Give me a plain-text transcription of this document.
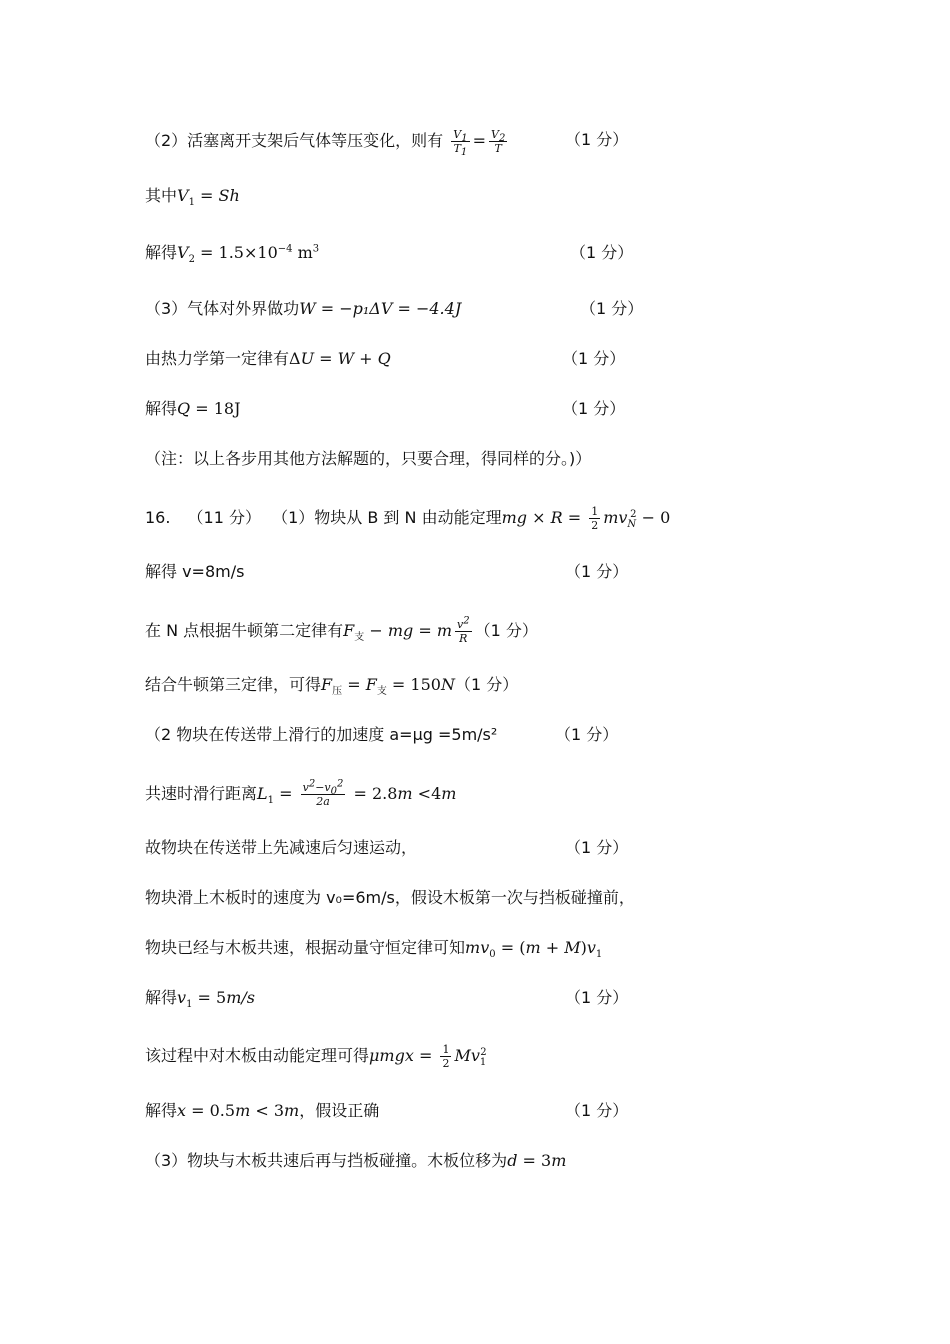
（2）活塞离开支架后气体等压变化，则有 $\frac{V_1}{T_1} = \frac{V_2}{T}$	（1 分）
其中$V_1 = Sh$
解得$V_2 = 1.5\times 10^{-4}$ $m^3$	（1 分）
（3）气体对外界做功W = −p₁ΔV = −4.4J	（1 分）
由热力学第一定律有ΔU = W + Q	（1 分）
解得Q = 18J	（1 分）
（注：以上各步用其他方法解题的，只要合理，得同样的分。)）
16. （11 分） （1）物块从 B 到 N 由动能定理mg × $R = \frac{1}{2} mv_N^2 - 0$
解得 v=8m/s	（1 分）
在 N 点根据牛顿第二定律有$F_支$ − mg = m $\frac{v^2}{R} (1$ 分）
结合牛顿第三定律，可得$F_压 = F_支 = 150N(1$ 分）
（2 物块在传送带上滑行的加速度 a=μg =5m/s²	（1 分）
共速时滑行距离$L_1 = \frac{v^2-v_0^2}{2a} = 2.8m <4m$
故物块在传送带上先减速后匀速运动，	（1 分）
物块滑上木板时的速度为 v₀=6m/s，假设木板第一次与挡板碰撞前，
物块已经与木板共速，根据动量守恒定律可知$mv_0 = (m + M)v_1$
解得$v_1 = 5m/s$	（1 分）
该过程中对木板由动能定理可得$\mu mgx = \frac{1}{2} Mv_1^2$
解得x = 0.5m < 3m，假设正确	（1 分）
（3）物块与木板共速后再与挡板碰撞。木板位移为d = 3m
